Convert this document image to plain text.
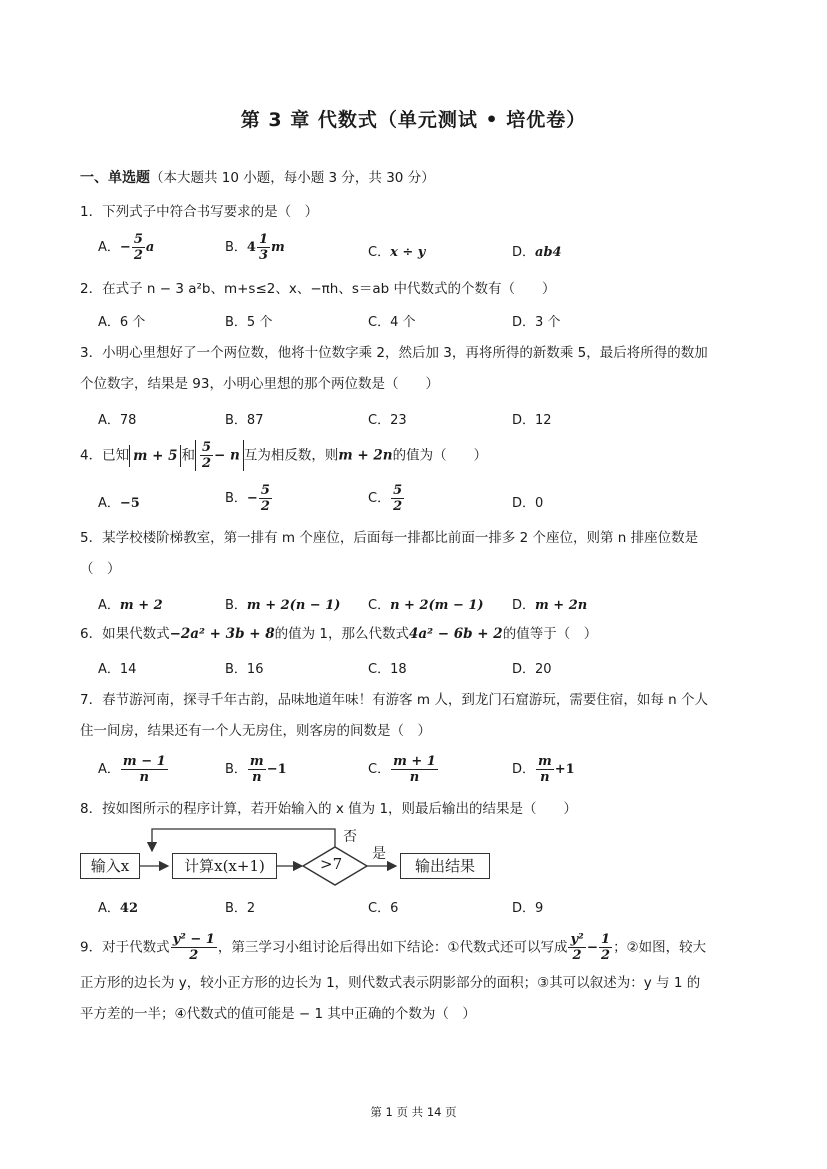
第 3 章 代数式（单元测试 • 培优卷）
一、单选题（本大题共 10 小题，每小题 3 分，共 30 分）
1．下列式子中符合书写要求的是（　）
A．− $\frac{5}{2}$ a	B．$4 \frac{1}{3}$ m	C．x ÷ y	D．ab4
2．在式子 n − 3 a²b、m+s≤2、x、−πh、s＝ab 中代数式的个数有（　　）
A．6 个	B．5 个	C．4 个	D．3 个
3．小明心里想好了一个两位数，他将十位数字乘 2，然后加 3，再将所得的新数乘 5，最后将所得的数加
个位数字，结果是 93，小明心里想的那个两位数是（　　）
A．78	B．87	C．23	D．12
4．已知 m + 5 和 $\frac{5}{2} - n$ 互为相反数，则m + 2n的值为（　　）
A．−5	B．− $\frac{5}{2}$	C． $\frac{5}{2}$	D．0
5．某学校楼阶梯教室，第一排有 m 个座位，后面每一排都比前面一排多 2 个座位，则第 n 排座位数是
（　）
A．m + 2	B．m + 2(n − 1) C．n + 2(m − 1) D．m + 2n
6．如果代数式−2a² + 3b + 8的值为 1，那么代数式4a² − 6b + 2的值等于（　）
A．14	B．16	C．18	D．20
7．春节游河南，探寻千年古韵，品味地道年味！有游客 m 人，到龙门石窟游玩，需要住宿，如每 n 个人
住一间房，结果还有一个人无房住，则客房的间数是（　）
A． $\frac{m - 1}{n}$	B． $\frac{m}{n} -1$	C． $\frac{m + 1}{n}$	D． $\frac{m}{n} +1$
8．按如图所示的程序计算，若开始输入的 x 值为 1，则最后输出的结果是（　　）
输入x	计算x(x+1)	>7
否
是
输出结果
A．42	B．2	C．6	D．9
9．对于代数式 $\frac{\text{y² − 1}}{2}$ ，第三学习小组讨论后得出如下结论：①代数式还可以写成 $\frac{\text{y²}}{2} - \frac{1}{2}$ ；②如图，较大
正方形的边长为 y，较小正方形的边长为 1，则代数式表示阴影部分的面积；③其可以叙述为：y 与 1 的
平方差的一半；④代数式的值可能是 − 1 其中正确的个数为（　）
第 1 页 共 14 页
